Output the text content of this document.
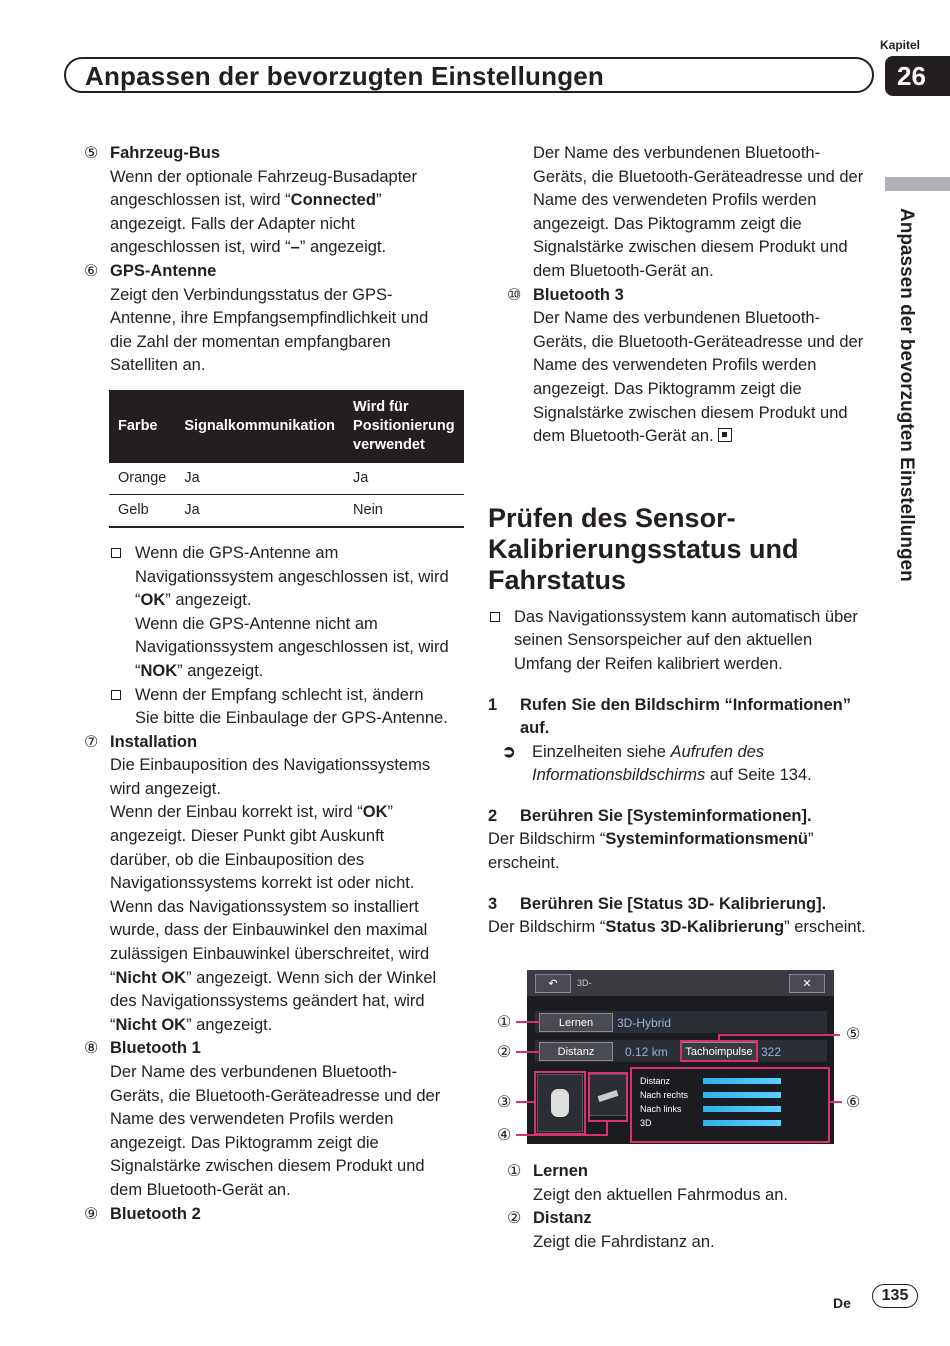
Kapitel
26
Anpassen der bevorzugten Einstellungen
Anpassen der bevorzugten Einstellungen
⑤ Fahrzeug-Bus

Wenn der optionale Fahrzeug-Busadapter angeschlossen ist, wird “Connected” angezeigt. Falls der Adapter nicht angeschlossen ist, wird “–” angezeigt.

⑥ GPS-Antenne

Zeigt den Verbindungsstatus der GPS-Antenne, ihre Empfangsempfindlichkeit und die Zahl der momentan empfangbaren Satelliten an.

Farbe	Signalkommunikation	Wird für Positionierung verwendet
Orange	Ja	Ja
Gelb	Ja	Nein

Wenn die GPS-Antenne am Navigationssystem angeschlossen ist, wird “OK” angezeigt.

Wenn die GPS-Antenne nicht am Navigationssystem angeschlossen ist, wird “NOK” angezeigt.

Wenn der Empfang schlecht ist, ändern Sie bitte die Einbaulage der GPS-Antenne.

⑦ Installation

Die Einbauposition des Navigationssystems wird angezeigt.

Wenn der Einbau korrekt ist, wird “OK” angezeigt. Dieser Punkt gibt Auskunft darüber, ob die Einbauposition des Navigationssystems korrekt ist oder nicht.

Wenn das Navigationssystem so installiert wurde, dass der Einbauwinkel den maximal zulässigen Einbauwinkel überschreitet, wird “Nicht OK” angezeigt. Wenn sich der Winkel des Navigationssystems geändert hat, wird “Nicht OK” angezeigt.

⑧ Bluetooth 1

Der Name des verbundenen Bluetooth-Geräts, die Bluetooth-Geräteadresse und der Name des verwendeten Profils werden angezeigt. Das Piktogramm zeigt die Signalstärke zwischen diesem Produkt und dem Bluetooth-Gerät an.

⑨ Bluetooth 2

Der Name des verbundenen Bluetooth-Geräts, die Bluetooth-Geräteadresse und der Name des verwendeten Profils werden angezeigt. Das Piktogramm zeigt die Signalstärke zwischen diesem Produkt und dem Bluetooth-Gerät an.

⑩ Bluetooth 3

Der Name des verbundenen Bluetooth-Geräts, die Bluetooth-Geräteadresse und der Name des verwendeten Profils werden angezeigt. Das Piktogramm zeigt die Signalstärke zwischen diesem Produkt und dem Bluetooth-Gerät an.

Prüfen des Sensor-Kalibrierungsstatus und Fahrstatus

Das Navigationssystem kann automatisch über seinen Sensorspeicher auf den aktuellen Umfang der Reifen kalibriert werden.

1 Rufen Sie den Bildschirm “Informationen” auf.

➲ Einzelheiten siehe Aufrufen des Informationsbildschirms auf Seite 134.

2 Berühren Sie [Systeminformationen].

Der Bildschirm “Systeminformationsmenü” erscheint.

3 Berühren Sie [Status 3D- Kalibrierung].

Der Bildschirm “Status 3D-Kalibrierung” erscheint.

↶	3D-	✕
Lernen	3D-Hybrid
Distanz	0.12 km	Tachoimpulse 322
Distanz
Nach rechts
Nach links
3D
①
②
③
④
⑤
⑥
① Lernen

Zeigt den aktuellen Fahrmodus an.

② Distanz

Zeigt die Fahrdistanz an.

De	135
